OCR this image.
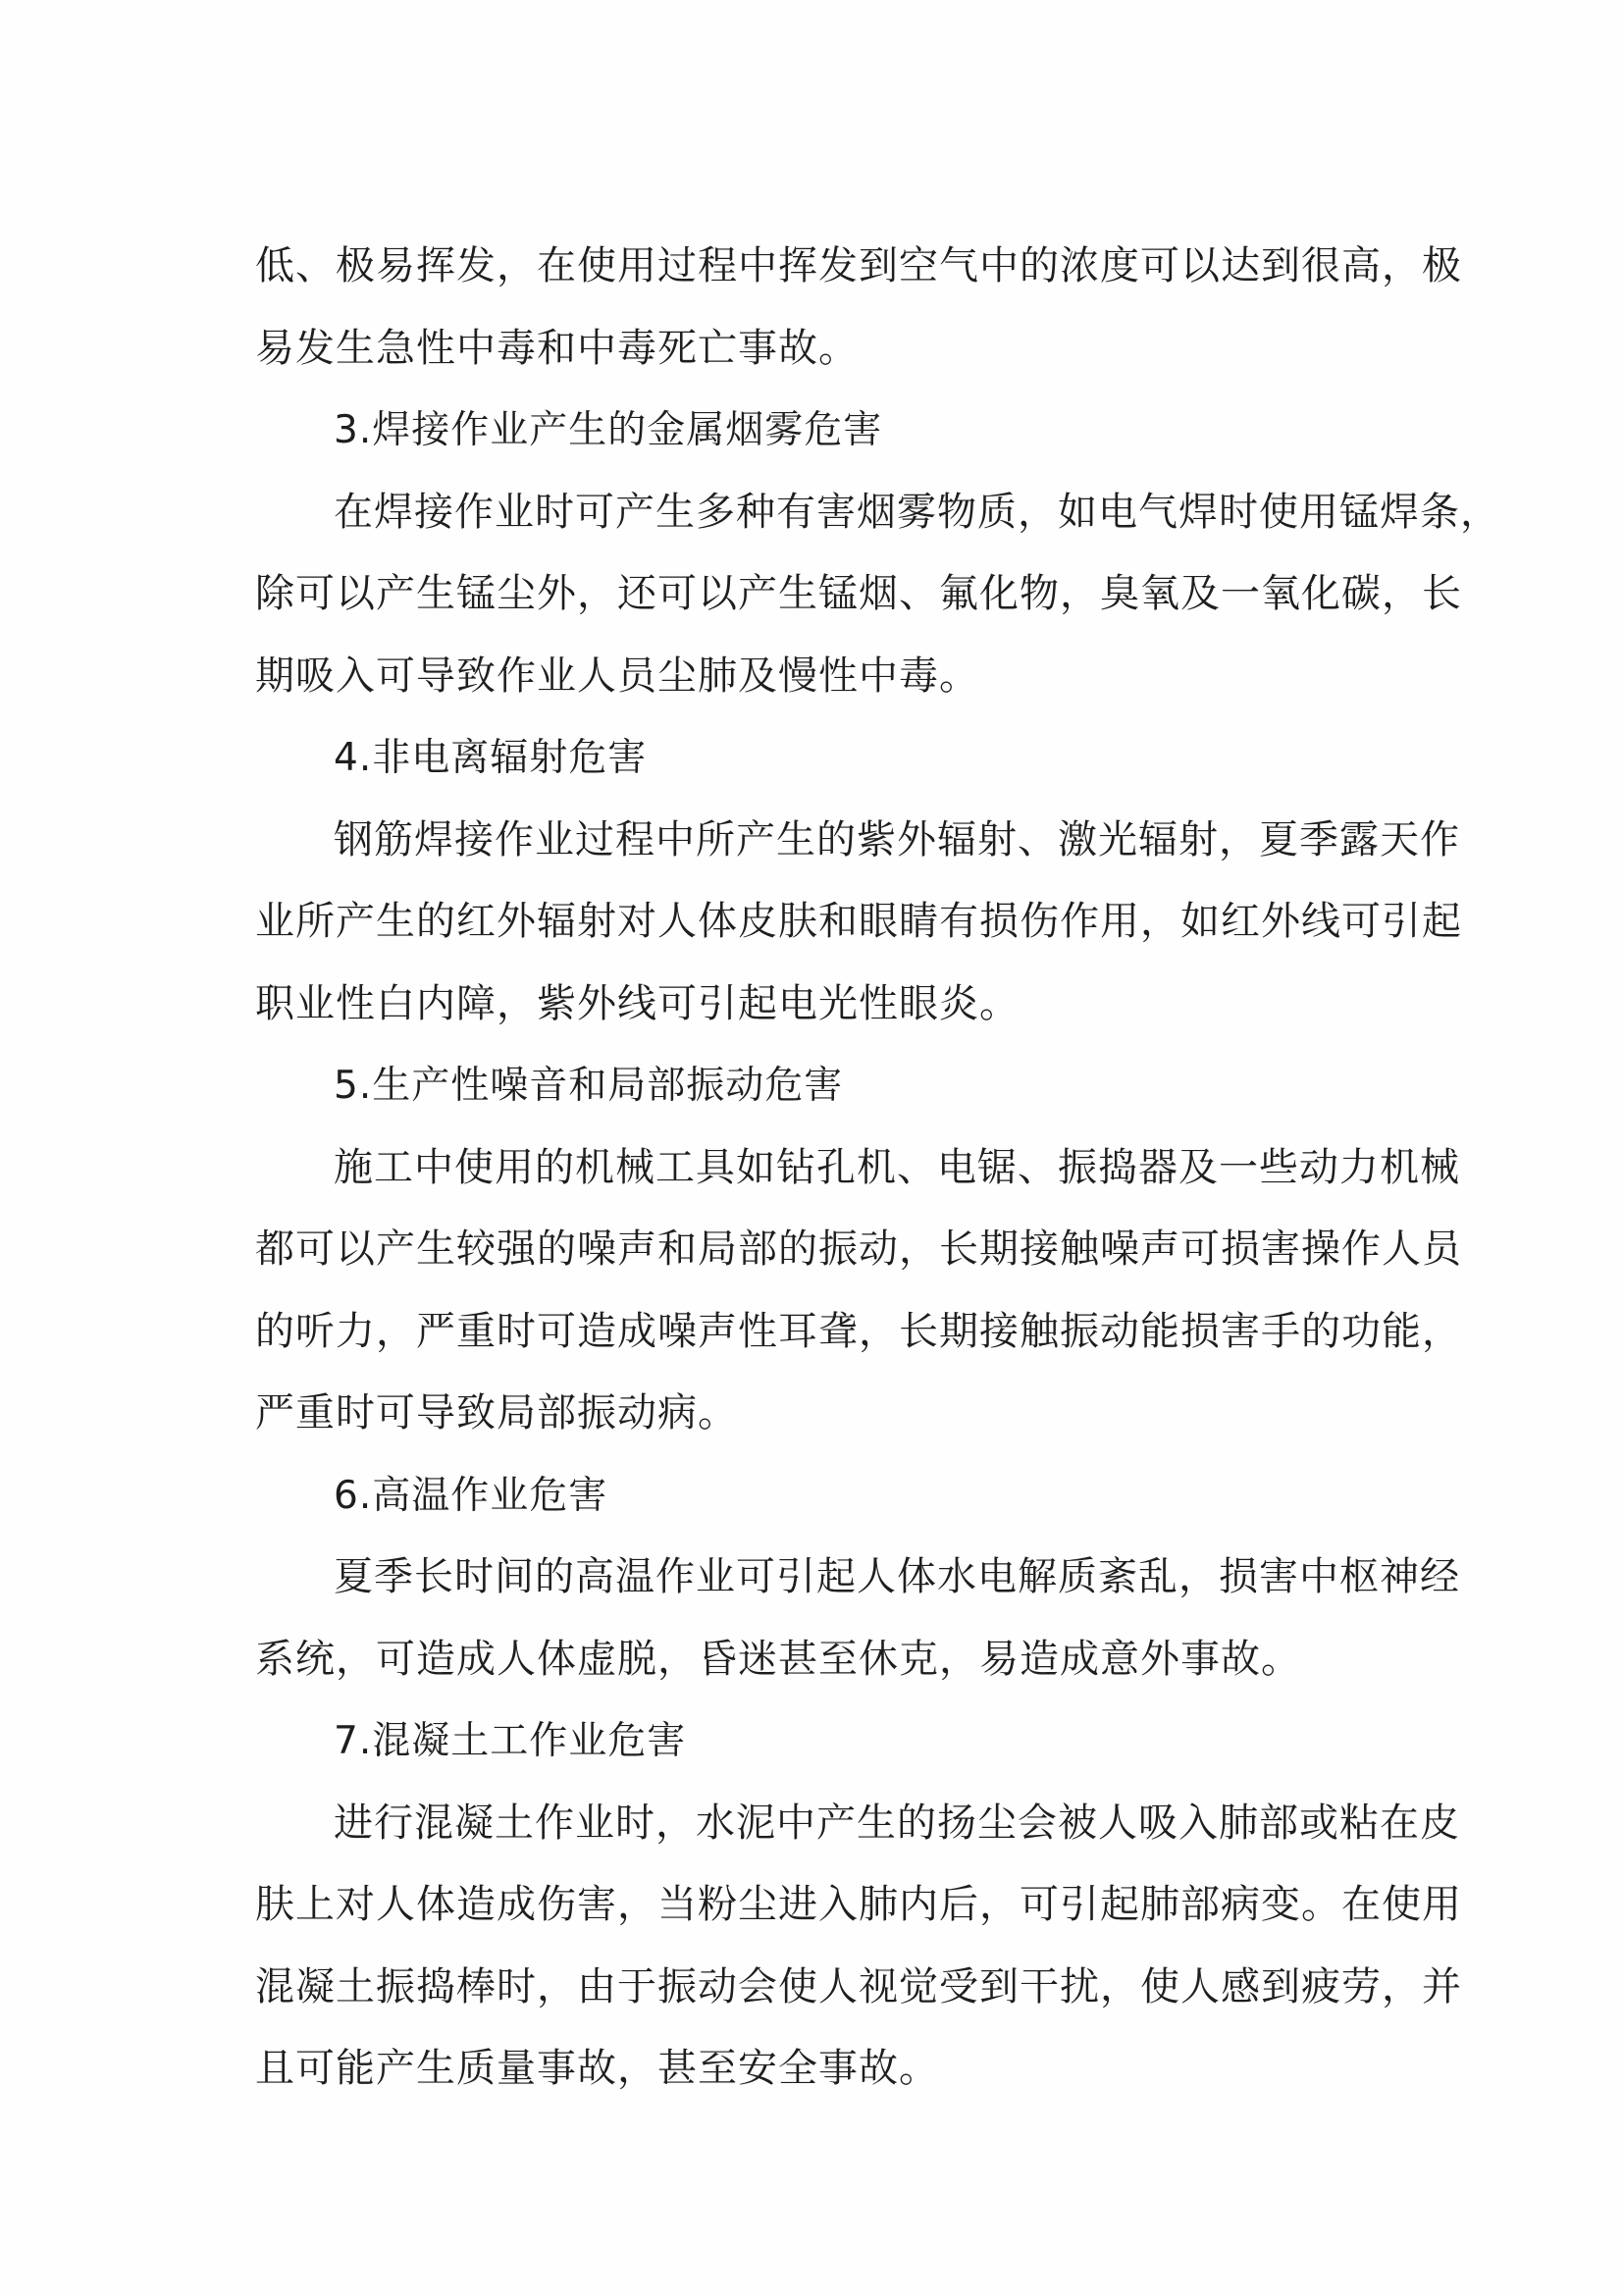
低、极易挥发，在使用过程中挥发到空气中的浓度可以达到很高，极
易发生急性中毒和中毒死亡事故。
3.焊接作业产生的金属烟雾危害
在焊接作业时可产生多种有害烟雾物质，如电气焊时使用锰焊条，
除可以产生锰尘外，还可以产生锰烟、氟化物，臭氧及一氧化碳，长
期吸入可导致作业人员尘肺及慢性中毒。
4.非电离辐射危害
钢筋焊接作业过程中所产生的紫外辐射、激光辐射，夏季露天作
业所产生的红外辐射对人体皮肤和眼睛有损伤作用，如红外线可引起
职业性白内障，紫外线可引起电光性眼炎。
5.生产性噪音和局部振动危害
施工中使用的机械工具如钻孔机、电锯、振捣器及一些动力机械
都可以产生较强的噪声和局部的振动，长期接触噪声可损害操作人员
的听力，严重时可造成噪声性耳聋，长期接触振动能损害手的功能，
严重时可导致局部振动病。
6.高温作业危害
夏季长时间的高温作业可引起人体水电解质紊乱，损害中枢神经
系统，可造成人体虚脱，昏迷甚至休克，易造成意外事故。
7.混凝土工作业危害
进行混凝土作业时，水泥中产生的扬尘会被人吸入肺部或粘在皮
肤上对人体造成伤害，当粉尘进入肺内后，可引起肺部病变。在使用
混凝土振捣棒时，由于振动会使人视觉受到干扰，使人感到疲劳，并
且可能产生质量事故，甚至安全事故。
